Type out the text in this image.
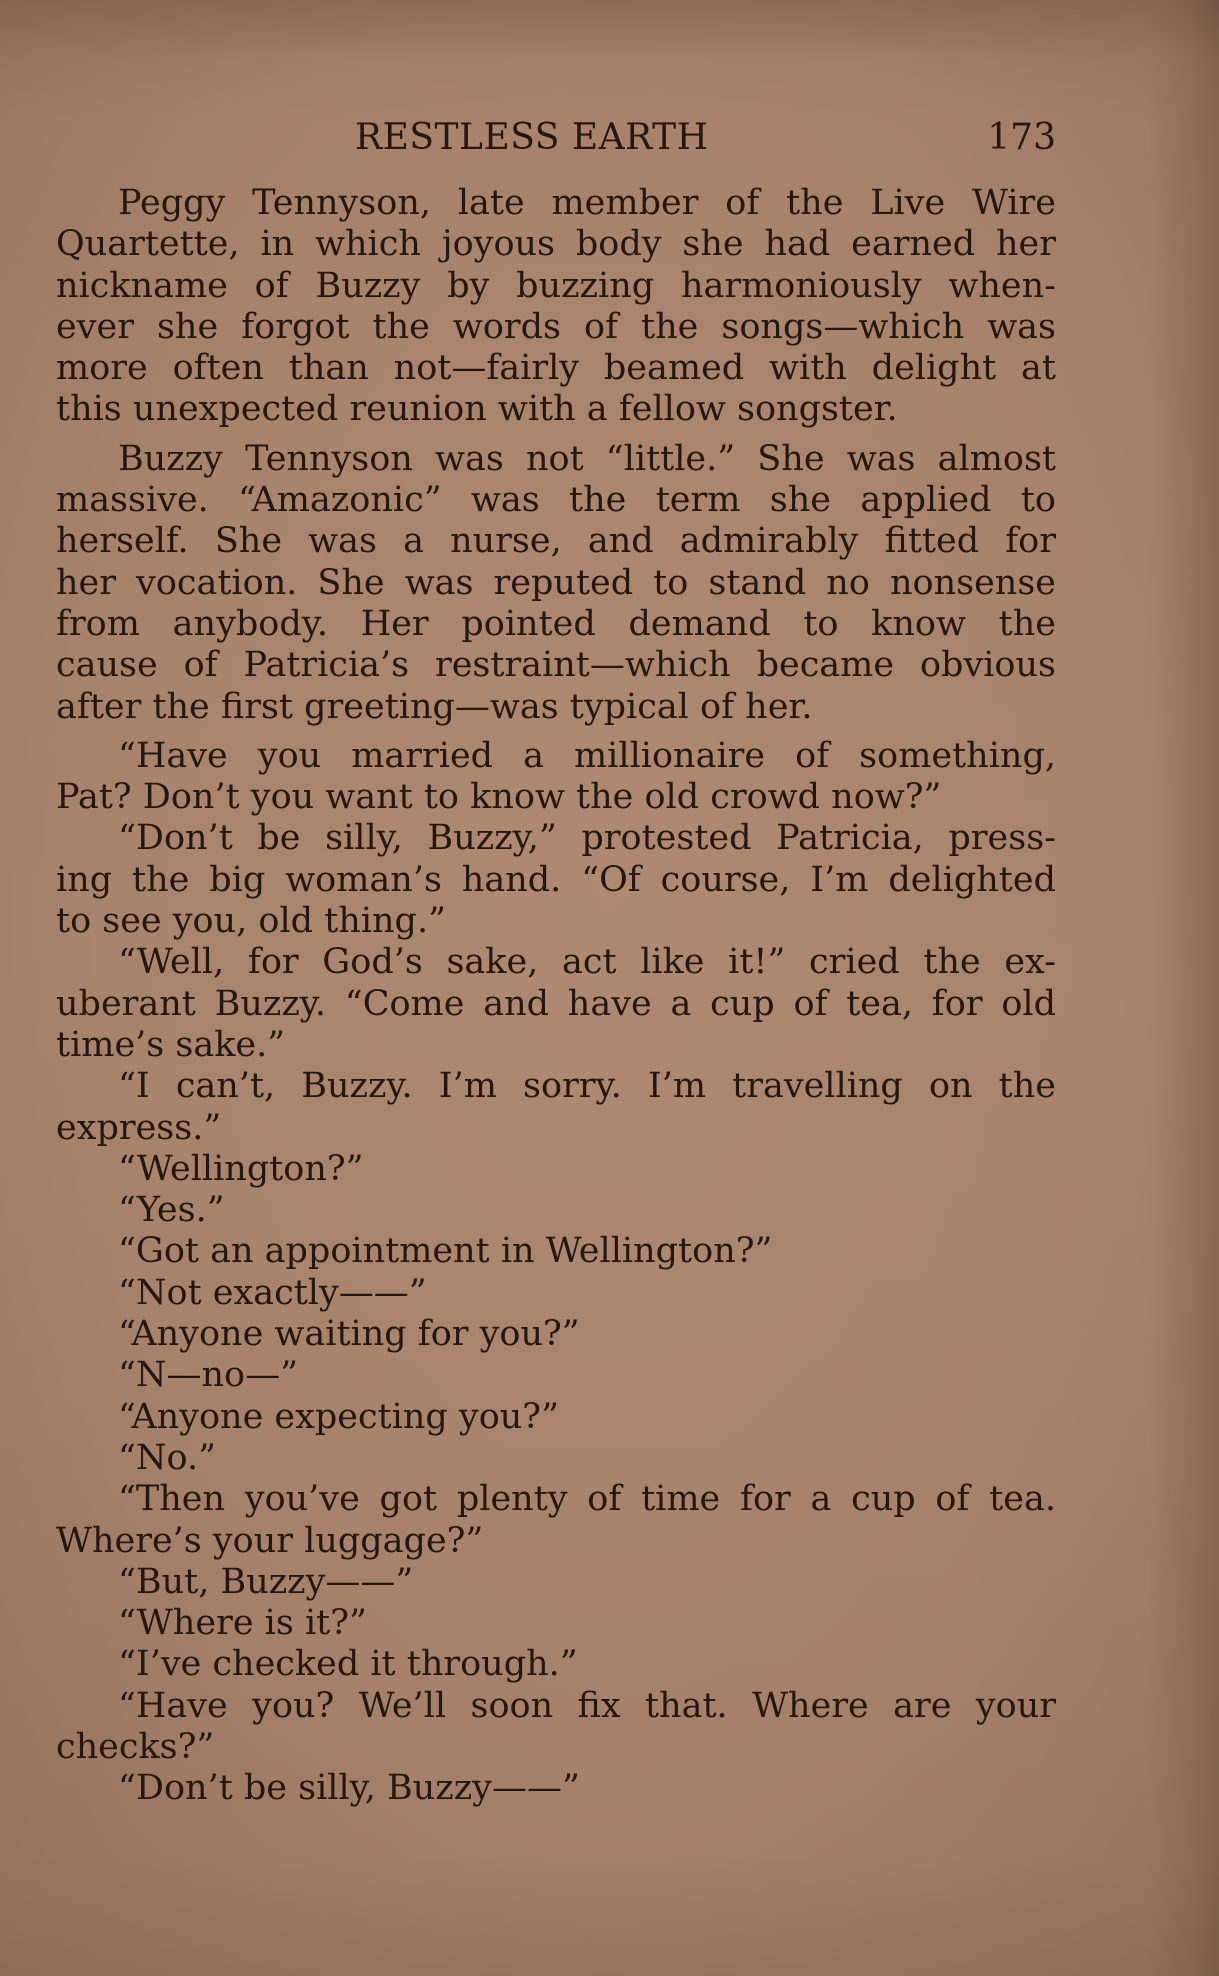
RESTLESS EARTH	173
Peggy Tennyson, late member of the Live Wire
Quartette, in which joyous body she had earned her
nickname of Buzzy by buzzing harmoniously when-
ever she forgot the words of the songs—which was
more often than not—fairly beamed with delight at
this unexpected reunion with a fellow songster.
Buzzy Tennyson was not “little.” She was almost
massive. “Amazonic” was the term she applied to
herself. She was a nurse, and admirably fitted for
her vocation. She was reputed to stand no nonsense
from anybody. Her pointed demand to know the
cause of Patricia’s restraint—which became obvious
after the first greeting—was typical of her.
“Have you married a millionaire of something,
Pat? Don’t you want to know the old crowd now?”
“Don’t be silly, Buzzy,” protested Patricia, press-
ing the big woman’s hand. “Of course, I’m delighted
to see you, old thing.”
“Well, for God’s sake, act like it!” cried the ex-
uberant Buzzy. “Come and have a cup of tea, for old
time’s sake.”
“I can’t, Buzzy. I’m sorry. I’m travelling on the
express.”
“Wellington?”
“Yes.”
“Got an appointment in Wellington?”
“Not exactly——”
“Anyone waiting for you?”
“N—no—”
“Anyone expecting you?”
“No.”
“Then you’ve got plenty of time for a cup of tea.
Where’s your luggage?”
“But, Buzzy——”
“Where is it?”
“I’ve checked it through.”
“Have you? We’ll soon fix that. Where are your
checks?”
“Don’t be silly, Buzzy——”
